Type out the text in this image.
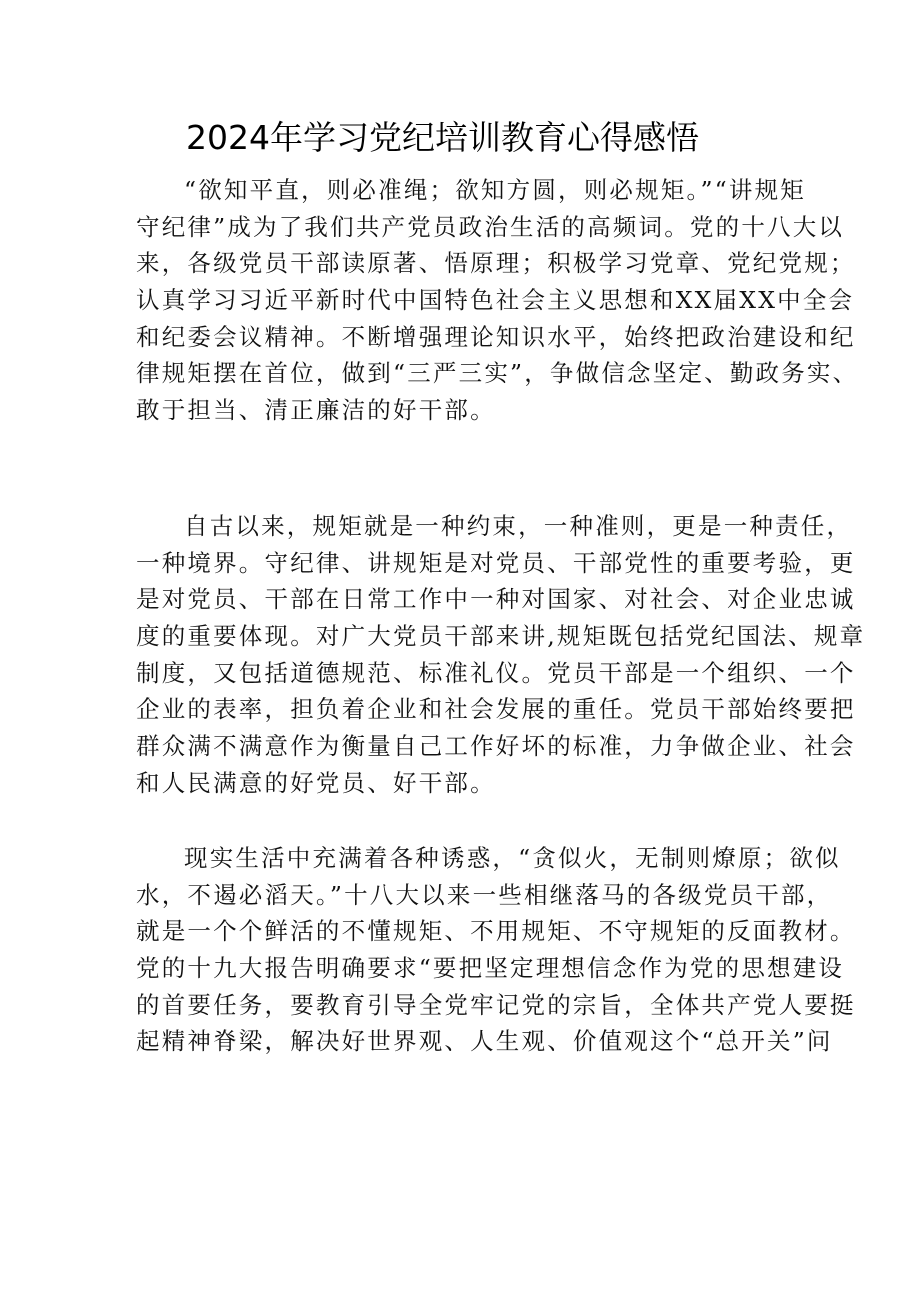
2024年学习党纪培训教育心得感悟
“欲知平直，则必准绳；欲知方圆，则必规矩。”“讲规矩
守纪律”成为了我们共产党员政治生活的高频词。党的十八大以
来，各级党员干部读原著、悟原理；积极学习党章、党纪党规；
认真学习习近平新时代中国特色社会主义思想和XX届XX中全会
和纪委会议精神。不断增强理论知识水平，始终把政治建设和纪
律规矩摆在首位，做到“三严三实”，争做信念坚定、勤政务实、
敢于担当、清正廉洁的好干部。
自古以来，规矩就是一种约束，一种准则，更是一种责任，
一种境界。守纪律、讲规矩是对党员、干部党性的重要考验，更
是对党员、干部在日常工作中一种对国家、对社会、对企业忠诚
度的重要体现。对广大党员干部来讲,规矩既包括党纪国法、规章
制度，又包括道德规范、标准礼仪。党员干部是一个组织、一个
企业的表率，担负着企业和社会发展的重任。党员干部始终要把
群众满不满意作为衡量自己工作好坏的标准，力争做企业、社会
和人民满意的好党员、好干部。
现实生活中充满着各种诱惑，“贪似火，无制则燎原；欲似
水，不遏必滔天。”十八大以来一些相继落马的各级党员干部，
就是一个个鲜活的不懂规矩、不用规矩、不守规矩的反面教材。
党的十九大报告明确要求“要把坚定理想信念作为党的思想建设
的首要任务，要教育引导全党牢记党的宗旨，全体共产党人要挺
起精神脊梁，解决好世界观、人生观、价值观这个“总开关”问
